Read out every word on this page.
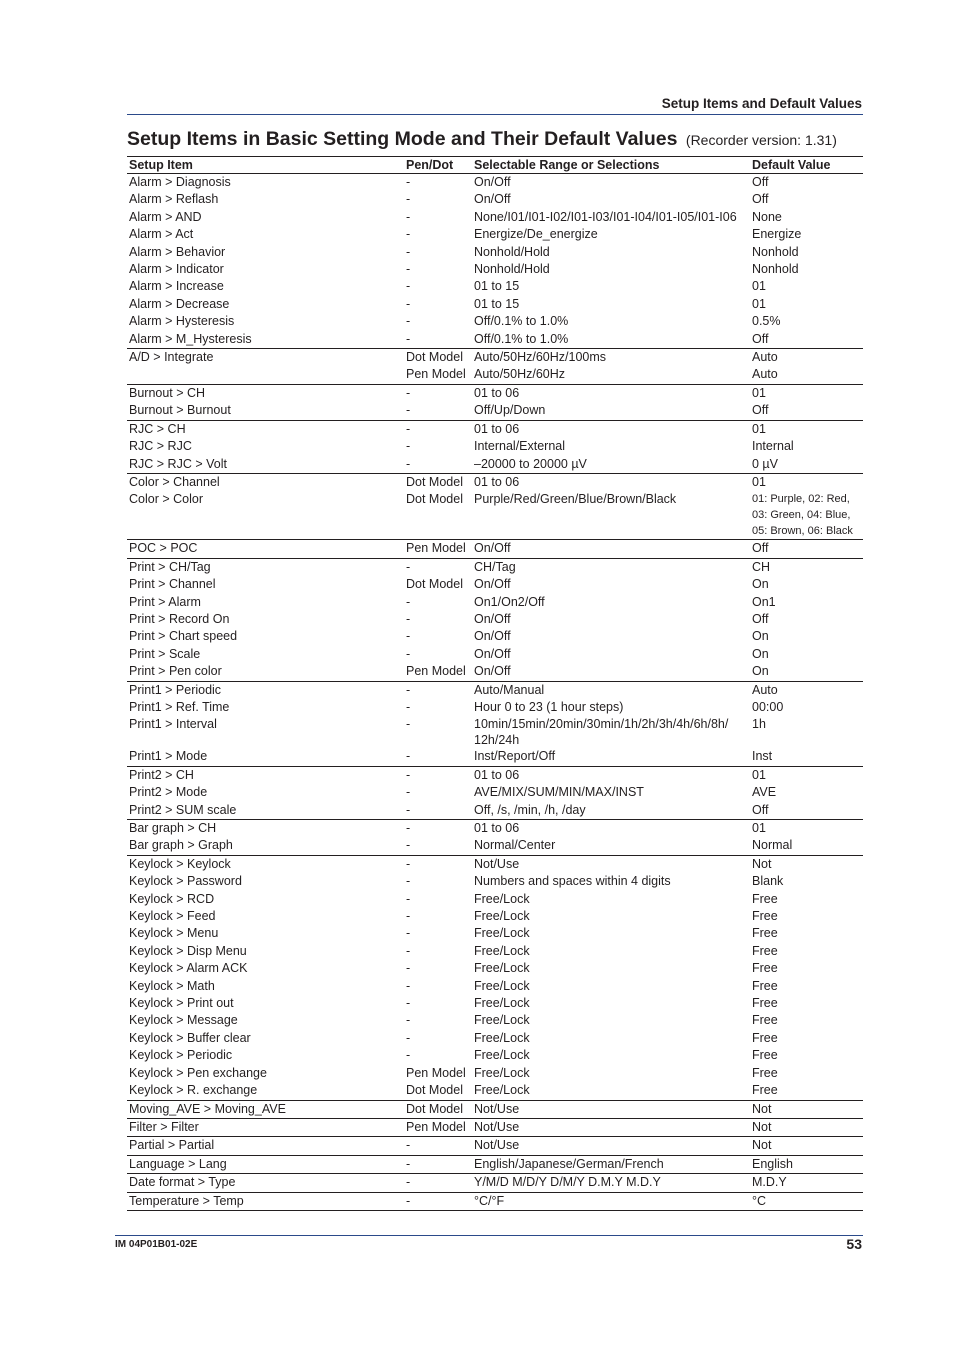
Setup Items and Default Values
Setup Items in Basic Setting Mode and Their Default Values (Recorder version: 1.31)
Setup Item	Pen/Dot	Selectable Range or Selections	Default Value
Alarm > Diagnosis	-	On/Off	Off
Alarm > Reflash	-	On/Off	Off
Alarm > AND	-	None/I01/I01-I02/I01-I03/I01-I04/I01-I05/I01-I06	None
Alarm > Act	-	Energize/De_energize	Energize
Alarm > Behavior	-	Nonhold/Hold	Nonhold
Alarm > Indicator	-	Nonhold/Hold	Nonhold
Alarm > Increase	-	01 to 15	01
Alarm > Decrease	-	01 to 15	01
Alarm > Hysteresis	-	Off/0.1% to 1.0%	0.5%
Alarm > M_Hysteresis	-	Off/0.1% to 1.0%	Off
A/D > Integrate	Dot Model	Auto/50Hz/60Hz/100ms	Auto
	Pen Model	Auto/50Hz/60Hz	Auto
Burnout > CH	-	01 to 06	01
Burnout > Burnout	-	Off/Up/Down	Off
RJC > CH	-	01 to 06	01
RJC > RJC	-	Internal/External	Internal
RJC > RJC > Volt	-	–20000 to 20000 µV	0 µV
Color > Channel	Dot Model	01 to 06	01
Color > Color	Dot Model	Purple/Red/Green/Blue/Brown/Black	01: Purple, 02: Red, 03: Green, 04: Blue, 05: Brown, 06: Black
POC > POC	Pen Model	On/Off	Off
Print > CH/Tag	-	CH/Tag	CH
Print > Channel	Dot Model	On/Off	On
Print > Alarm	-	On1/On2/Off	On1
Print > Record On	-	On/Off	Off
Print > Chart speed	-	On/Off	On
Print > Scale	-	On/Off	On
Print > Pen color	Pen Model	On/Off	On
Print1 > Periodic	-	Auto/Manual	Auto
Print1 > Ref. Time	-	Hour 0 to 23 (1 hour steps)	00:00
Print1 > Interval	-	10min/15min/20min/30min/1h/2h/3h/4h/6h/8h/ 12h/24h	1h
Print1 > Mode	-	Inst/Report/Off	Inst
Print2 > CH	-	01 to 06	01
Print2 > Mode	-	AVE/MIX/SUM/MIN/MAX/INST	AVE
Print2 > SUM scale	-	Off, /s, /min, /h, /day	Off
Bar graph > CH	-	01 to 06	01
Bar graph > Graph	-	Normal/Center	Normal
Keylock > Keylock	-	Not/Use	Not
Keylock > Password	-	Numbers and spaces within 4 digits	Blank
Keylock > RCD	-	Free/Lock	Free
Keylock > Feed	-	Free/Lock	Free
Keylock > Menu	-	Free/Lock	Free
Keylock > Disp Menu	-	Free/Lock	Free
Keylock > Alarm ACK	-	Free/Lock	Free
Keylock > Math	-	Free/Lock	Free
Keylock > Print out	-	Free/Lock	Free
Keylock > Message	-	Free/Lock	Free
Keylock > Buffer clear	-	Free/Lock	Free
Keylock > Periodic	-	Free/Lock	Free
Keylock > Pen exchange	Pen Model	Free/Lock	Free
Keylock > R. exchange	Dot Model	Free/Lock	Free
Moving_AVE > Moving_AVE	Dot Model	Not/Use	Not
Filter > Filter	Pen Model	Not/Use	Not
Partial > Partial	-	Not/Use	Not
Language > Lang	-	English/Japanese/German/French	English
Date format > Type	-	Y/M/D M/D/Y D/M/Y D.M.Y M.D.Y	M.D.Y
Temperature > Temp	-	°C/°F	°C
IM 04P01B01-02E	53
